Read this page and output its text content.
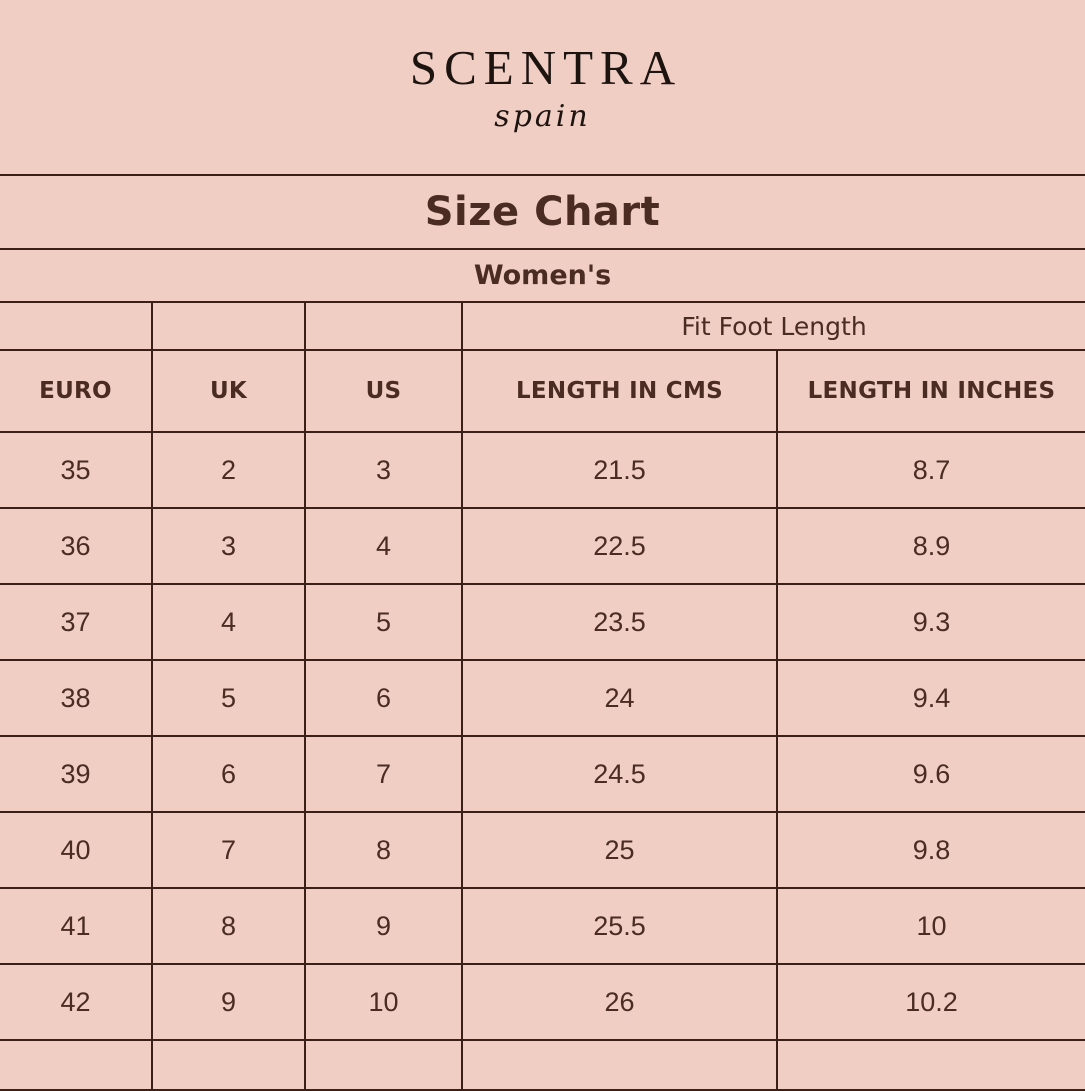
SCENTRA
spain
Size Chart
Women's
			Fit Foot Length	
EURO	UK	US	LENGTH IN CMS	LENGTH IN INCHES
35	2	3	21.5	8.7
36	3	4	22.5	8.9
37	4	5	23.5	9.3
38	5	6	24	9.4
39	6	7	24.5	9.6
40	7	8	25	9.8
41	8	9	25.5	10
42	9	10	26	10.2
